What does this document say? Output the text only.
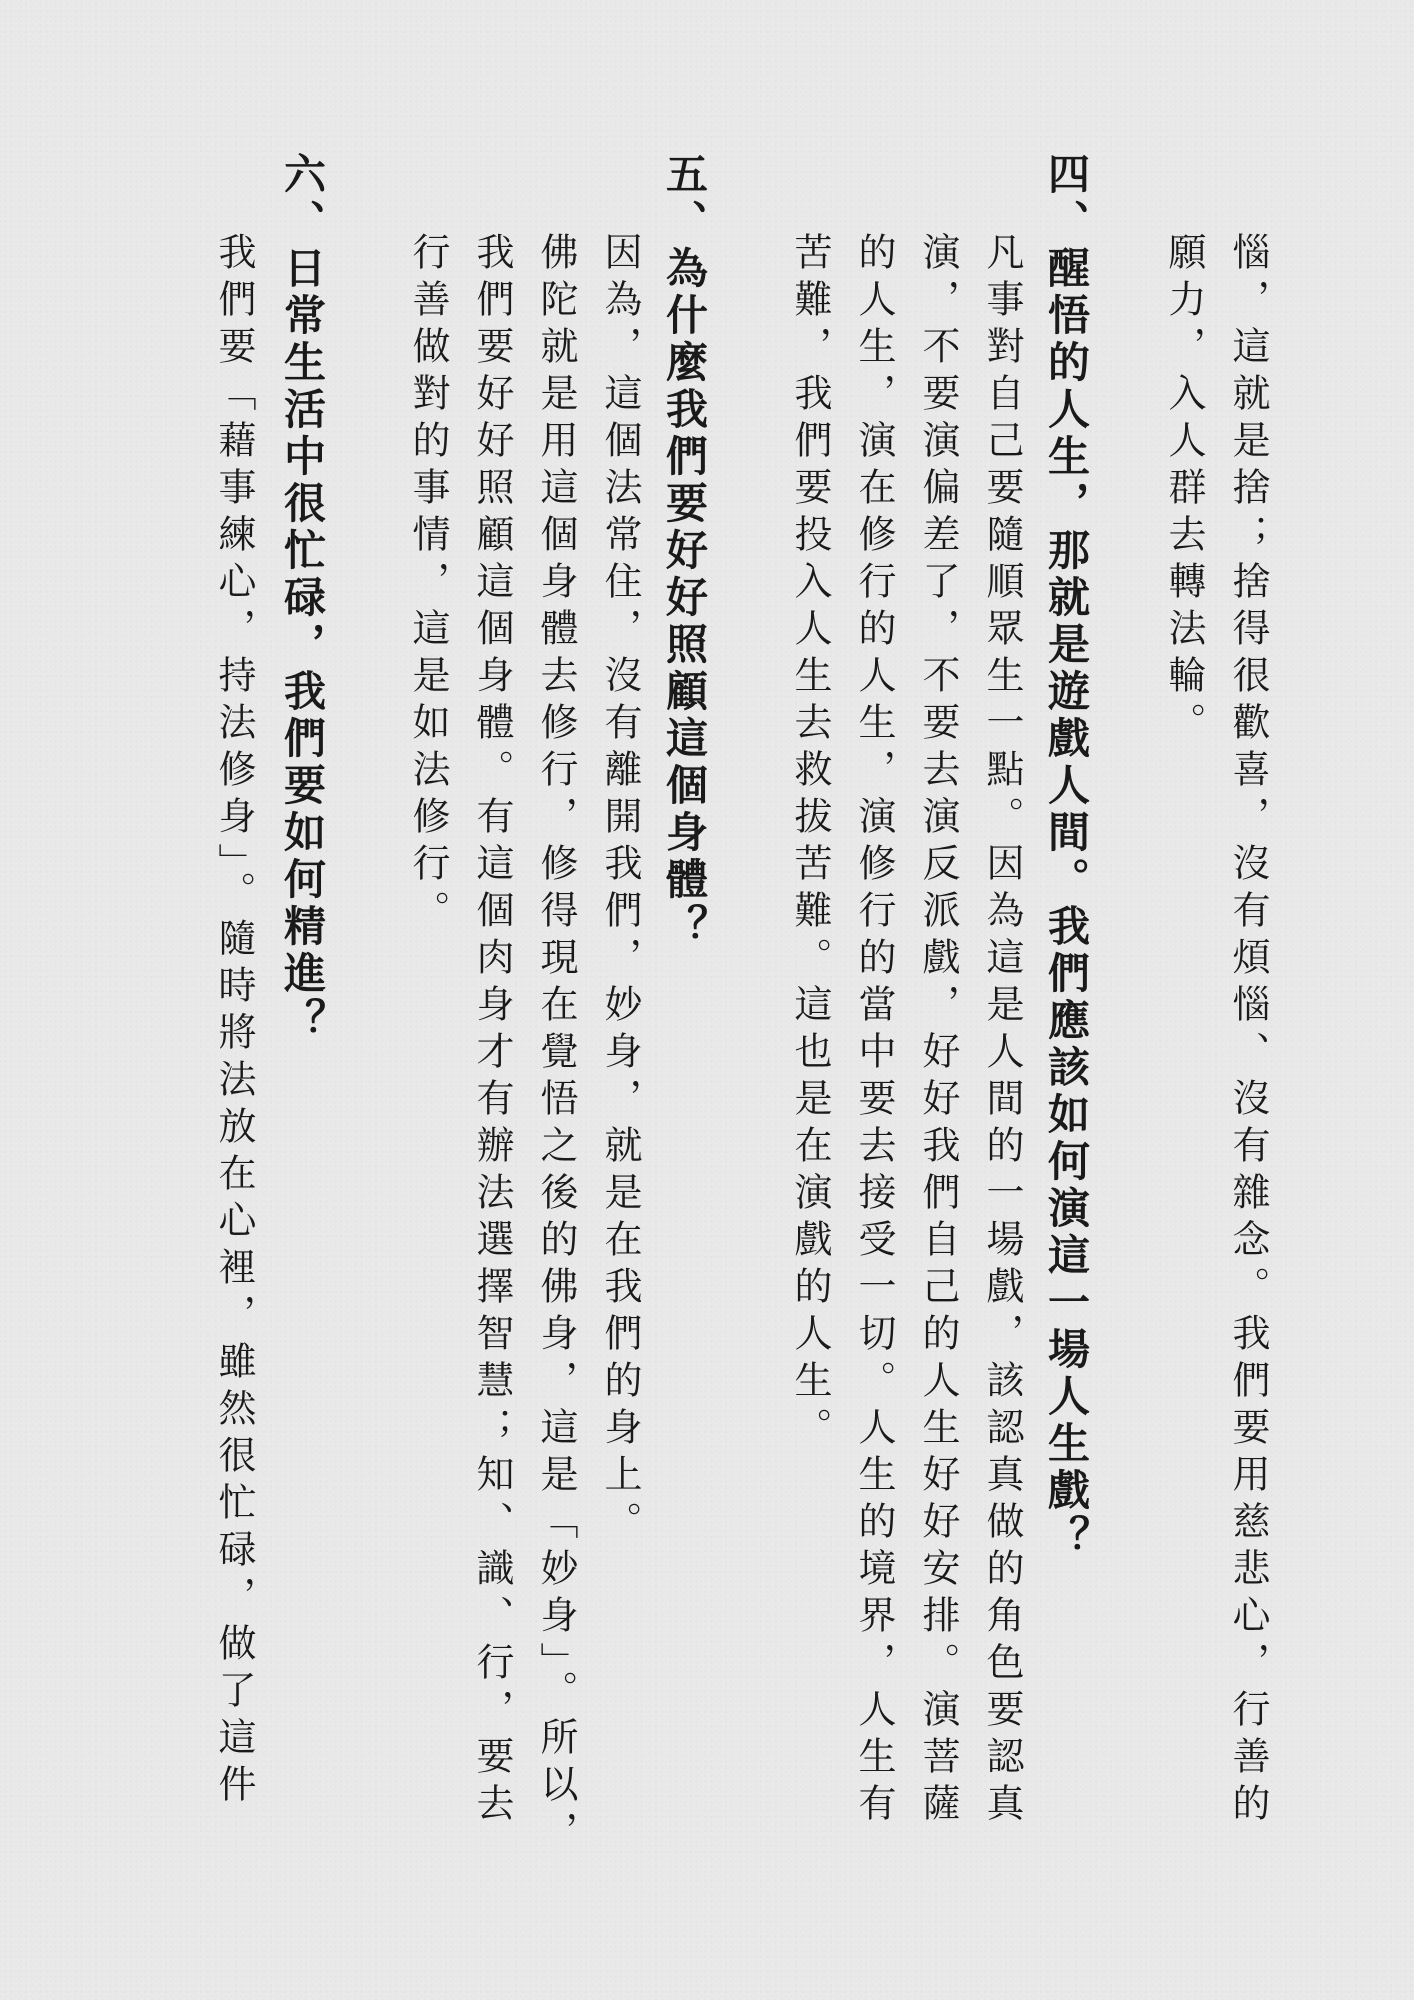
惱，這就是捨；捨得很歡喜，沒有煩惱、沒有雜念。我們要用慈悲心，行善的
願力，入人群去轉法輪。
四、醒悟的人生，那就是遊戲人間。我們應該如何演這一場人生戲？
凡事對自己要隨順眾生一點。因為這是人間的一場戲，該認真做的角色要認真
演，不要演偏差了，不要去演反派戲，好好我們自己的人生好好安排。演菩薩
的人生，演在修行的人生，演修行的當中要去接受一切。人生的境界，人生有
苦難，我們要投入人生去救拔苦難。這也是在演戲的人生。
五、為什麼我們要好好照顧這個身體？
因為，這個法常住，沒有離開我們，妙身，就是在我們的身上。
佛陀就是用這個身體去修行，修得現在覺悟之後的佛身，這是「妙身」。所以，
我們要好好照顧這個身體。有這個肉身才有辦法選擇智慧；知、識、行，要去
行善做對的事情，這是如法修行。
六、日常生活中很忙碌，我們要如何精進？
我們要「藉事練心，持法修身」。隨時將法放在心裡，雖然很忙碌，做了這件
